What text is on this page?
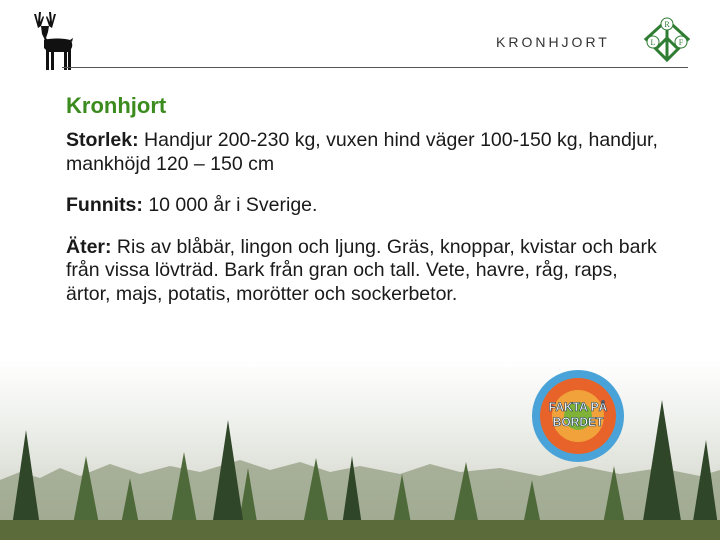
KRONHJORT
R
L	F
FAKTA PÅ
BORDET
Kronhjort

Storlek: Handjur 200-230 kg, vuxen hind väger 100-150 kg, handjur, mankhöjd 120 – 150 cm

Funnits: 10 000 år i Sverige.

Äter: Ris av blåbär, lingon och ljung. Gräs, knoppar, kvistar och bark från vissa lövträd. Bark från gran och tall. Vete, havre, råg, raps, ärtor, majs, potatis, morötter och sockerbetor.
